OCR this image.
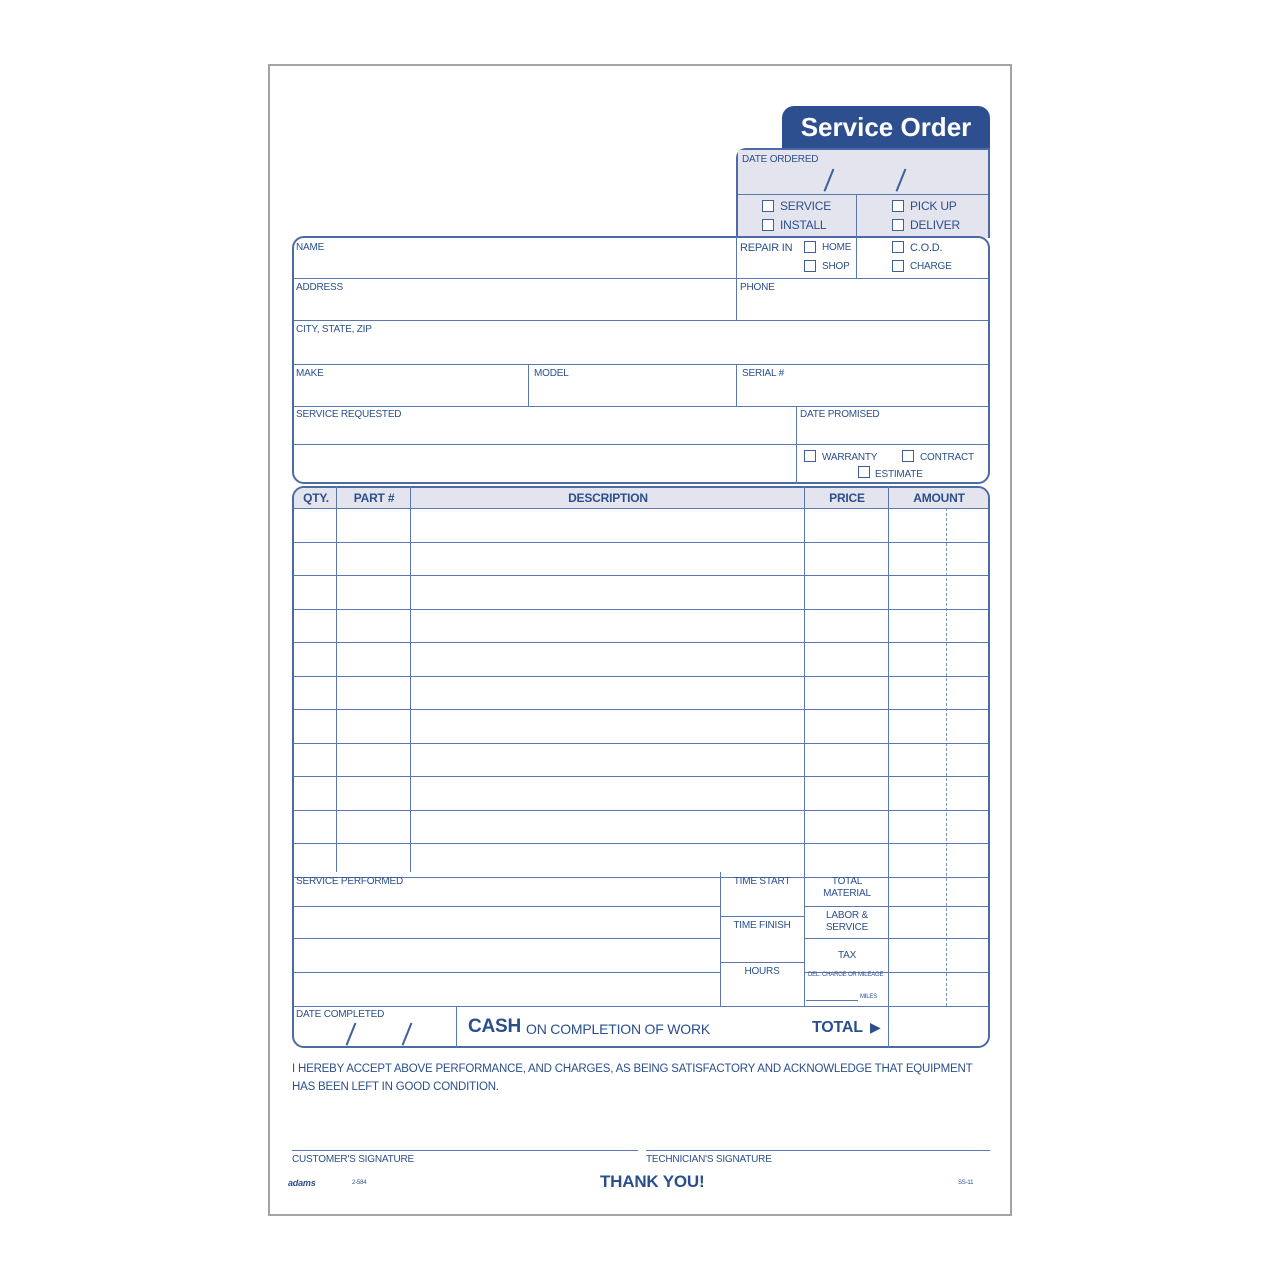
Service Order
DATE ORDERED
SERVICE
INSTALL
PICK UP
DELIVER
NAME	REPAIR IN	HOME
SHOP
C.O.D.
CHARGE
ADDRESS	PHONE
CITY, STATE, ZIP
MAKE	MODEL	SERIAL #
SERVICE REQUESTED	DATE PROMISED
WARRANTY	CONTRACT
ESTIMATE
QTY.	PART #	DESCRIPTION	PRICE	AMOUNT
SERVICE PERFORMED	TIME START
TIME FINISH
HOURS
TOTAL MATERIAL
LABOR & SERVICE
TAX
DEL. CHARGE OR MILEAGE
MILES
DATE COMPLETED
CASH ON COMPLETION OF WORK	TOTAL ▶
I HEREBY ACCEPT ABOVE PERFORMANCE, AND CHARGES, AS BEING SATISFACTORY AND ACKNOWLEDGE THAT EQUIPMENT HAS BEEN LEFT IN GOOD CONDITION.
CUSTOMER'S SIGNATURE	TECHNICIAN'S SIGNATURE
adams	2-584	THANK YOU!	SS-11
